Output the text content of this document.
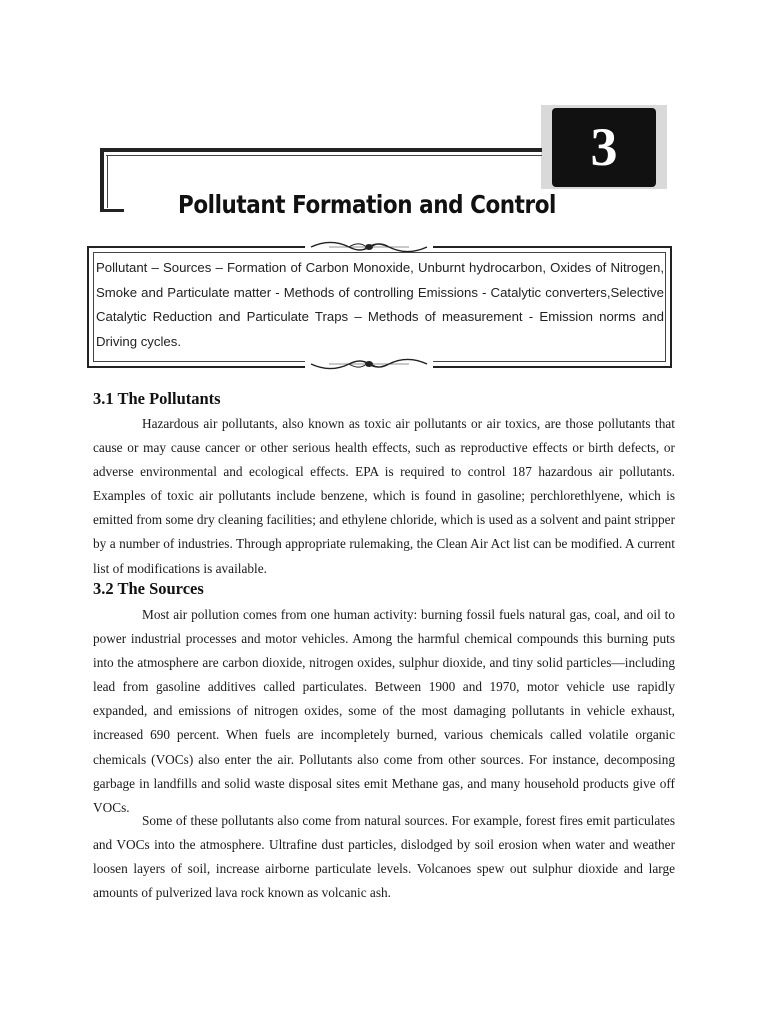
3
Pollutant Formation and Control
Pollutant – Sources – Formation of Carbon Monoxide, Unburnt hydrocarbon, Oxides of Nitrogen, Smoke and Particulate matter - Methods of controlling Emissions - Catalytic converters,Selective Catalytic Reduction and Particulate Traps – Methods of measurement - Emission norms and Driving cycles.
3.1 The Pollutants
Hazardous air pollutants, also known as toxic air pollutants or air toxics, are those pollutants that cause or may cause cancer or other serious health effects, such as reproductive effects or birth defects, or adverse environmental and ecological effects. EPA is required to control 187 hazardous air pollutants. Examples of toxic air pollutants include benzene, which is found in gasoline; perchlorethlyene, which is emitted from some dry cleaning facilities; and ethylene chloride, which is used as a solvent and paint stripper by a number of industries. Through appropriate rulemaking, the Clean Air Act list can be modified. A current list of modifications is available.
3.2 The Sources
Most air pollution comes from one human activity: burning fossil fuels natural gas, coal, and oil to power industrial processes and motor vehicles. Among the harmful chemical compounds this burning puts into the atmosphere are carbon dioxide, nitrogen oxides, sulphur dioxide, and tiny solid particles—including lead from gasoline additives called particulates. Between 1900 and 1970, motor vehicle use rapidly expanded, and emissions of nitrogen oxides, some of the most damaging pollutants in vehicle exhaust, increased 690 percent. When fuels are incompletely burned, various chemicals called volatile organic chemicals (VOCs) also enter the air. Pollutants also come from other sources. For instance, decomposing garbage in landfills and solid waste disposal sites emit Methane gas, and many household products give off VOCs.
Some of these pollutants also come from natural sources. For example, forest fires emit particulates and VOCs into the atmosphere. Ultrafine dust particles, dislodged by soil erosion when water and weather loosen layers of soil, increase airborne particulate levels. Volcanoes spew out sulphur dioxide and large amounts of pulverized lava rock known as volcanic ash.
